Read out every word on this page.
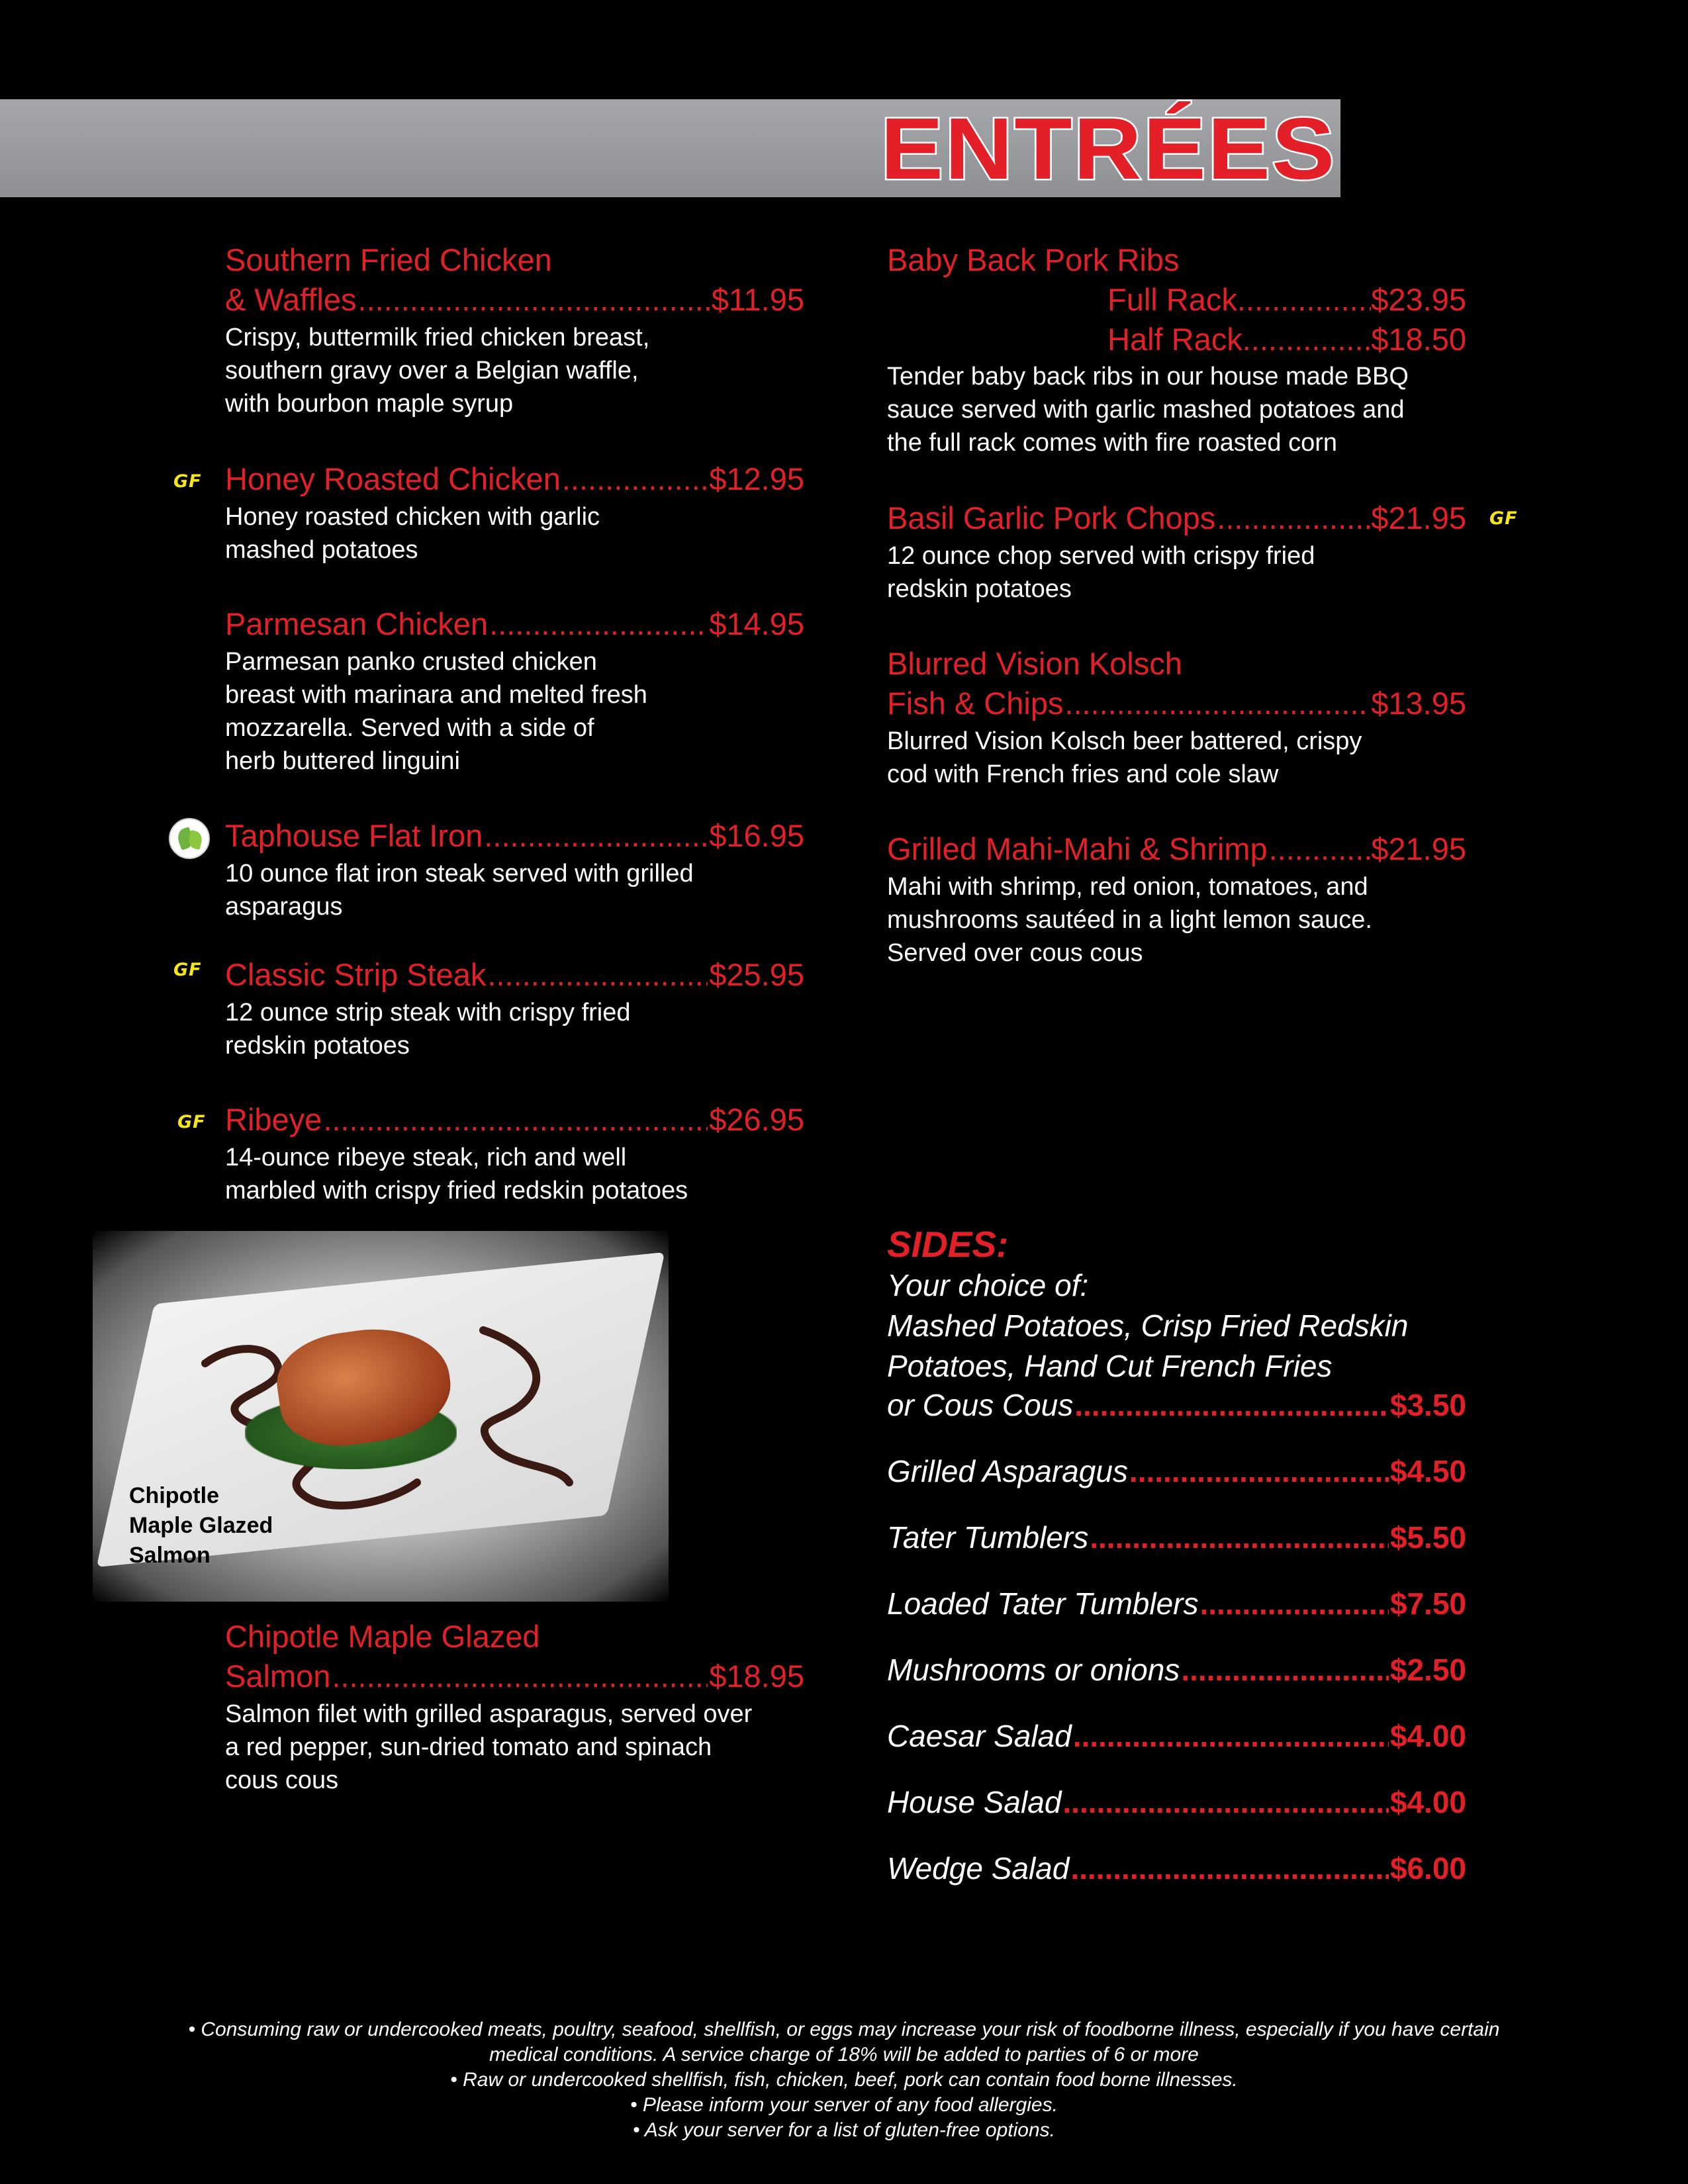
ENTRÉES
Southern Fried Chicken
& Waffles .....	$11.95
Crispy, buttermilk fried chicken breast,
southern gravy over a Belgian waffle,
with bourbon maple syrup
GF Honey Roasted Chicken .....	$12.95
Honey roasted chicken with garlic
mashed potatoes
Parmesan Chicken .....	$14.95
Parmesan panko crusted chicken
breast with marinara and melted fresh
mozzarella. Served with a side of
herb buttered linguini
Taphouse Flat Iron .....	$16.95
10 ounce flat iron steak served with grilled
asparagus
GF Classic Strip Steak .....	$25.95
12 ounce strip steak with crispy fried
redskin potatoes
GF Ribeye .....	$26.95
14-ounce ribeye steak, rich and well
marbled with crispy fried redskin potatoes
Chipotle
Maple Glazed
Salmon
Chipotle Maple Glazed
Salmon .....	$18.95
Salmon filet with grilled asparagus, served over
a red pepper, sun-dried tomato and spinach
cous cous
Baby Back Pork Ribs
Full Rack .....	$23.95
Half Rack .....	$18.50
Tender baby back ribs in our house made BBQ
sauce served with garlic mashed potatoes and
the full rack comes with fire roasted corn
Basil Garlic Pork Chops .....	$21.95
12 ounce chop served with crispy fried
redskin potatoes
GF
Blurred Vision Kolsch
Fish & Chips .....	$13.95
Blurred Vision Kolsch beer battered, crispy
cod with French fries and cole slaw
Grilled Mahi-Mahi & Shrimp .....	$21.95
Mahi with shrimp, red onion, tomatoes, and
mushrooms sautéed in a light lemon sauce.
Served over cous cous
SIDES:
Your choice of:
Mashed Potatoes, Crisp Fried Redskin
Potatoes, Hand Cut French Fries
or Cous Cous .....	$3.50
Grilled Asparagus .....	$4.50
Tater Tumblers .....	$5.50
Loaded Tater Tumblers .....	$7.50
Mushrooms or onions .....	$2.50
Caesar Salad .....	$4.00
House Salad .....	$4.00
Wedge Salad .....	$6.00
• Consuming raw or undercooked meats, poultry, seafood, shellfish, or eggs may increase your risk of foodborne illness, especially if you have certain
medical conditions. A service charge of 18% will be added to parties of 6 or more
• Raw or undercooked shellfish, fish, chicken, beef, pork can contain food borne illnesses.
• Please inform your server of any food allergies.
• Ask your server for a list of gluten-free options.
